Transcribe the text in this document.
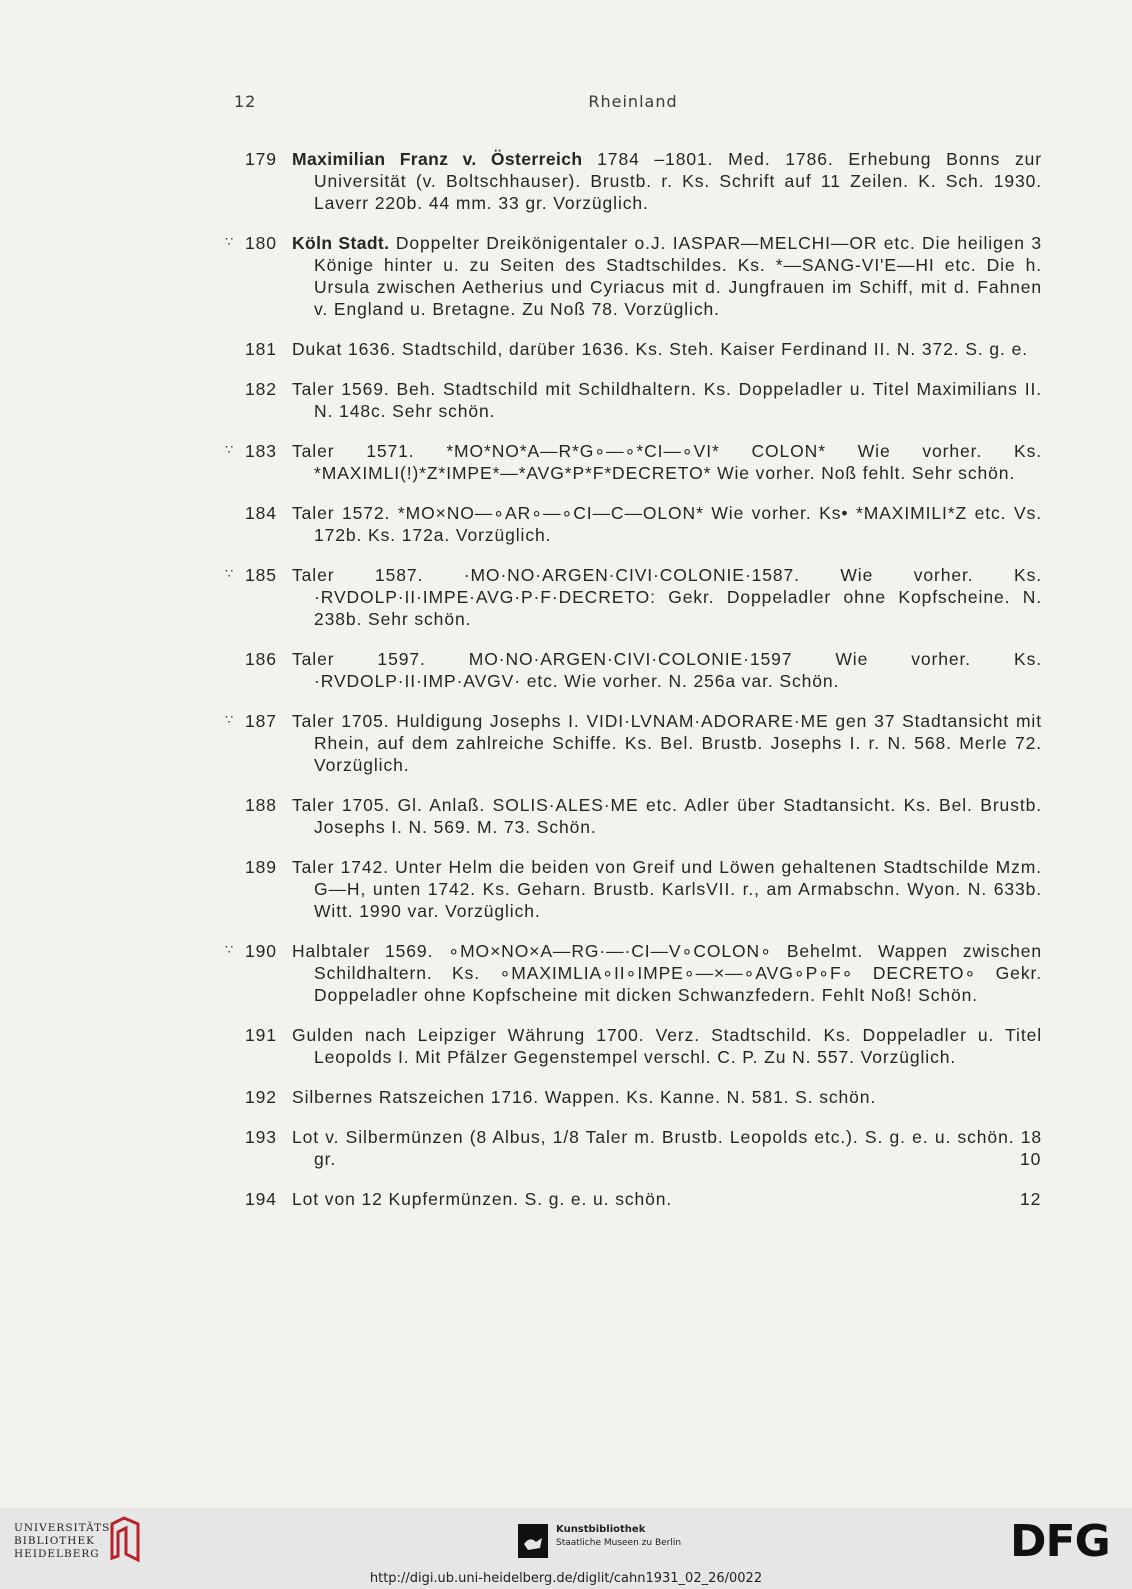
12	Rheinland
179 Maximilian Franz v. Österreich 1784 –1801. Med. 1786. Erhebung Bonns zur Universität (v. Boltschhauser). Brustb. r. Ks. Schrift auf 11 Zeilen. K. Sch. 1930. Laverr 220b. 44 mm. 33 gr. Vorzüglich.
∵ 180 Köln Stadt. Doppelter Dreikönigentaler o.J. IASPAR—MELCHI—OR etc. Die heiligen 3 Könige hinter u. zu Seiten des Stadtschildes. Ks. *—SANG-VI'E—HI etc. Die h. Ursula zwischen Aetherius und Cyriacus mit d. Jungfrauen im Schiff, mit d. Fahnen v. England u. Bretagne. Zu Noß 78. Vorzüglich.
181 Dukat 1636. Stadtschild, darüber 1636. Ks. Steh. Kaiser Ferdinand II. N. 372. S. g. e.
182 Taler 1569. Beh. Stadtschild mit Schildhaltern. Ks. Doppeladler u. Titel Maximilians II. N. 148c. Sehr schön.
∵ 183 Taler 1571. *MO*NO*A—R*G∘—∘*CI—∘VI* COLON* Wie vorher. Ks. *MAXIMLI(!)*Z*IMPE*—*AVG*P*F*DECRETO* Wie vorher. Noß fehlt. Sehr schön.
184 Taler 1572. *MO×NO—∘AR∘—∘CI—C—OLON* Wie vorher. Ks• *MAXIMILI*Z etc. Vs. 172b. Ks. 172a. Vorzüglich.
∵ 185 Taler 1587. ·MO·NO·ARGEN·CIVI·COLONIE·1587. Wie vorher. Ks. ·RVDOLP·II·IMPE·AVG·P·F·DECRETO: Gekr. Doppeladler ohne Kopfscheine. N. 238b. Sehr schön.
186 Taler 1597. MO·NO·ARGEN·CIVI·COLONIE·1597 Wie vorher. Ks. ·RVDOLP·II·IMP·AVGV· etc. Wie vorher. N. 256a var. Schön.
∵ 187 Taler 1705. Huldigung Josephs I. VIDI·LVNAM·ADORARE·ME gen 37 Stadtansicht mit Rhein, auf dem zahlreiche Schiffe. Ks. Bel. Brustb. Josephs I. r. N. 568. Merle 72. Vorzüglich.
188 Taler 1705. Gl. Anlaß. SOLIS·ALES·ME etc. Adler über Stadtansicht. Ks. Bel. Brustb. Josephs I. N. 569. M. 73. Schön.
189 Taler 1742. Unter Helm die beiden von Greif und Löwen gehaltenen Stadtschilde Mzm. G—H, unten 1742. Ks. Geharn. Brustb. KarlsVII. r., am Armabschn. Wyon. N. 633b. Witt. 1990 var. Vorzüglich.
∵ 190 Halbtaler 1569. ∘MO×NO×A—RG·—·CI—V∘COLON∘ Behelmt. Wappen zwischen Schildhaltern. Ks. ∘MAXIMLIA∘II∘IMPE∘—×—∘AVG∘P∘F∘ DECRETO∘ Gekr. Doppeladler ohne Kopfscheine mit dicken Schwanzfedern. Fehlt Noß! Schön.
191 Gulden nach Leipziger Währung 1700. Verz. Stadtschild. Ks. Doppeladler u. Titel Leopolds I. Mit Pfälzer Gegenstempel verschl. C. P. Zu N. 557. Vorzüglich.
192 Silbernes Ratszeichen 1716. Wappen. Ks. Kanne. N. 581. S. schön.
193 Lot v. Silbermünzen (8 Albus, 1/8 Taler m. Brustb. Leopolds etc.). S. g. e. u. schön. 18 gr.	10
194 Lot von 12 Kupfermünzen. S. g. e. u. schön.	12
UNIVERSITÄTS-
BIBLIOTHEK
HEIDELBERG
Kunstbibliothek
Staatliche Museen zu Berlin	DFG
http://digi.ub.uni-heidelberg.de/diglit/cahn1931_02_26/0022
